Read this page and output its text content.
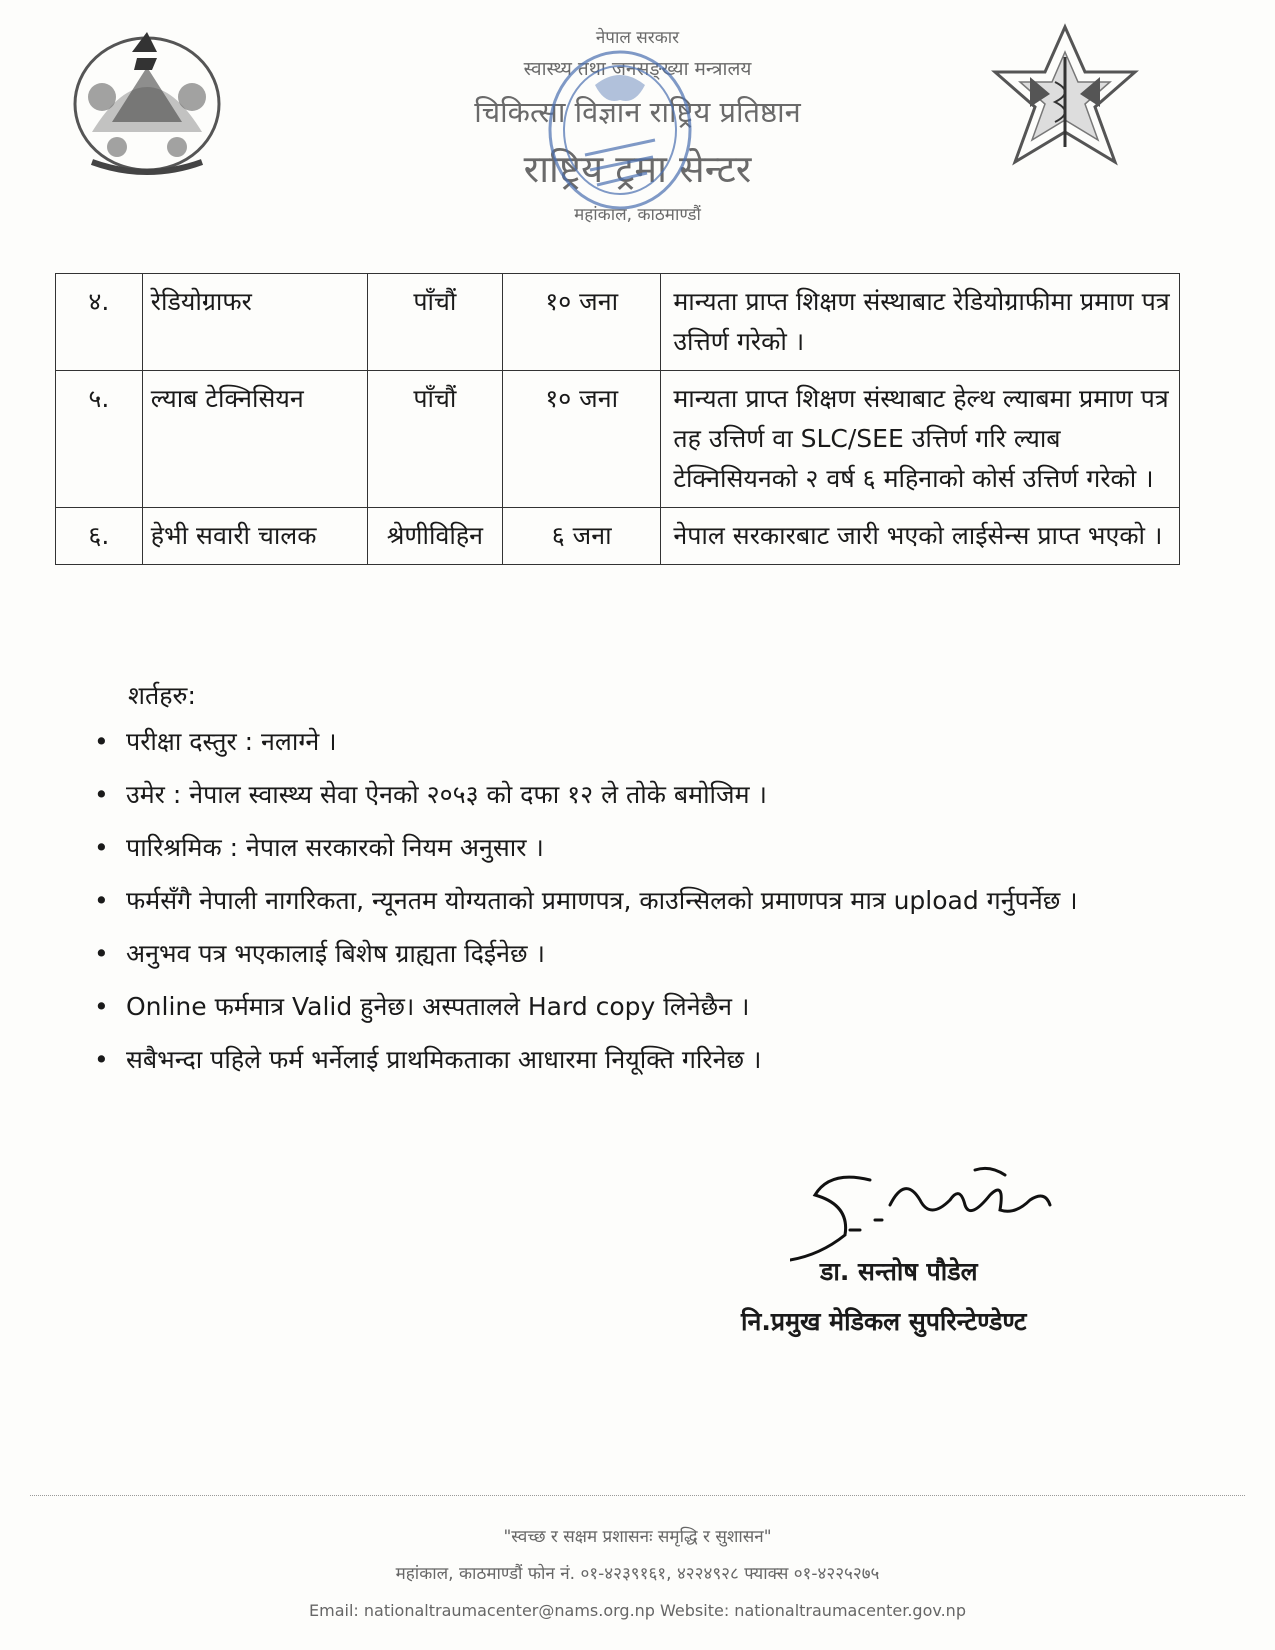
नेपाल सरकार
स्वास्थ्य तथा जनसङ्ख्या मन्त्रालय
चिकित्सा विज्ञान राष्ट्रिय प्रतिष्ठान
राष्ट्रिय ट्रमा सेन्टर
महांकाल, काठमाण्डौं
४.	रेडियोग्राफर	पाँचौं	१० जना	मान्यता प्राप्त शिक्षण संस्थाबाट रेडियोग्राफीमा प्रमाण पत्र उत्तिर्ण गरेको ।
५.	ल्याब टेक्निसियन	पाँचौं	१० जना	मान्यता प्राप्त शिक्षण संस्थाबाट हेल्थ ल्याबमा प्रमाण पत्र तह उत्तिर्ण वा SLC/SEE उत्तिर्ण गरि ल्याब टेक्निसियनको २ वर्ष ६ महिनाको कोर्स उत्तिर्ण गरेको ।
६.	हेभी सवारी चालक	श्रेणीविहिन	६ जना	नेपाल सरकारबाट जारी भएको लाईसेन्स प्राप्त भएको ।
शर्तहरु:
• परीक्षा दस्तुर : नलाग्ने ।
• उमेर : नेपाल स्वास्थ्य सेवा ऐनको २०५३ को दफा १२ ले तोके बमोजिम ।
• पारिश्रमिक : नेपाल सरकारको नियम अनुसार ।
• फर्मसँगै नेपाली नागरिकता, न्यूनतम योग्यताको प्रमाणपत्र, काउन्सिलको प्रमाणपत्र मात्र upload गर्नुपर्नेछ ।
• अनुभव पत्र भएकालाई बिशेष ग्राह्यता दिईनेछ ।
• Online फर्ममात्र Valid हुनेछ। अस्पतालले Hard copy लिनेछैन ।
• सबैभन्दा पहिले फर्म भर्नेलाई प्राथमिकताका आधारमा नियूक्ति गरिनेछ ।
डा. सन्तोष पौडेल
नि.प्रमुख मेडिकल सुपरिन्टेण्डेण्ट
"स्वच्छ र सक्षम प्रशासनः समृद्धि र सुशासन"
महांकाल, काठमाण्डौं फोन नं. ०१-४२३९१६१, ४२२४९२८ फ्याक्स ०१-४२२५२७५
Email: nationaltraumacenter@nams.org.np Website: nationaltraumacenter.gov.np
